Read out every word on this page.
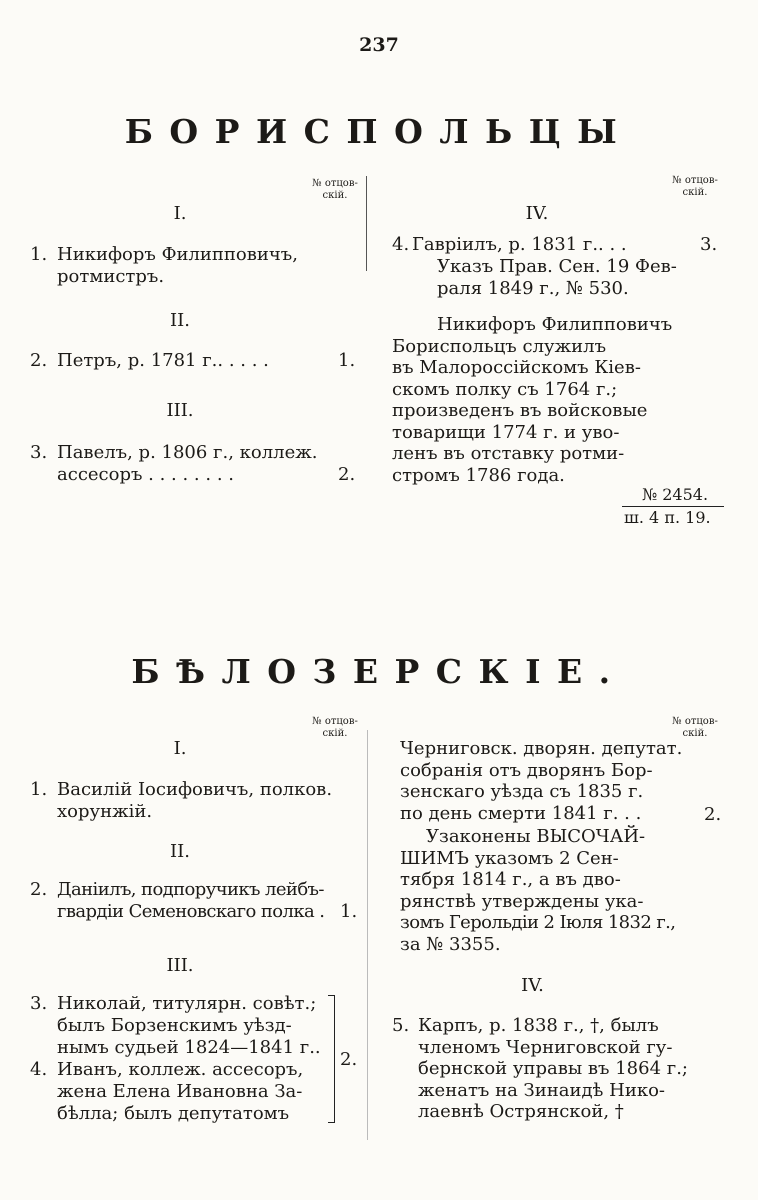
237
БОРИСПОЛЬЦЫ
№ отцов-
скій.
№ отцов-
скій.
I.
1. Никифоръ Филипповичъ,
ротмистръ.
II.
2. Петръ, р. 1781 г.. . . . .	1.
III.
3. Павелъ, р. 1806 г., коллеж.
ассесоръ . . . . . . . .	2.
IV.
4. Гавріилъ, р. 1831 г.. . .	3.
Указъ Прав. Сен. 19 Фев-
раля 1849 г., № 530.
Никифоръ Филипповичъ
Бориспольцъ служилъ
въ Малороссійскомъ Кіев-
скомъ полку съ 1764 г.;
произведенъ въ войсковые
товарищи 1774 г. и уво-
ленъ въ отставку ротми-
стромъ 1786 года.
№ 2454.
ш. 4 п. 19.
БѢЛОЗЕРСКІЕ.
№ отцов-
скій.
№ отцов-
скій.
I.
1. Василій Іосифовичъ, полков.
хорунжій.
II.
2. Даніилъ, подпоручикъ лейбъ-
гвардіи Семеновскаго полка . 1.
III.
3. Николай, титулярн. совѣт.;
былъ Борзенскимъ уѣзд-
нымъ судьей 1824—1841 г..
4. Иванъ, коллеж. ассесоръ,
жена Елена Ивановна За-
бѣлла; былъ депутатомъ
2.
Черниговск. дворян. депутат.
собранія отъ дворянъ Бор-
зенскаго уѣзда съ 1835 г.
по день смерти 1841 г. . .	2.
Узаконены ВЫСОЧАЙ-
ШИМЪ указомъ 2 Сен-
тября 1814 г., а въ дво-
рянствѣ утверждены ука-
зомъ Герольдіи 2 Іюля 1832 г.,
за № 3355.
IV.
5. Карпъ, р. 1838 г., †, былъ
членомъ Черниговской гу-
бернской управы въ 1864 г.;
женатъ на Зинаидѣ Нико-
лаевнѣ Острянской, †
